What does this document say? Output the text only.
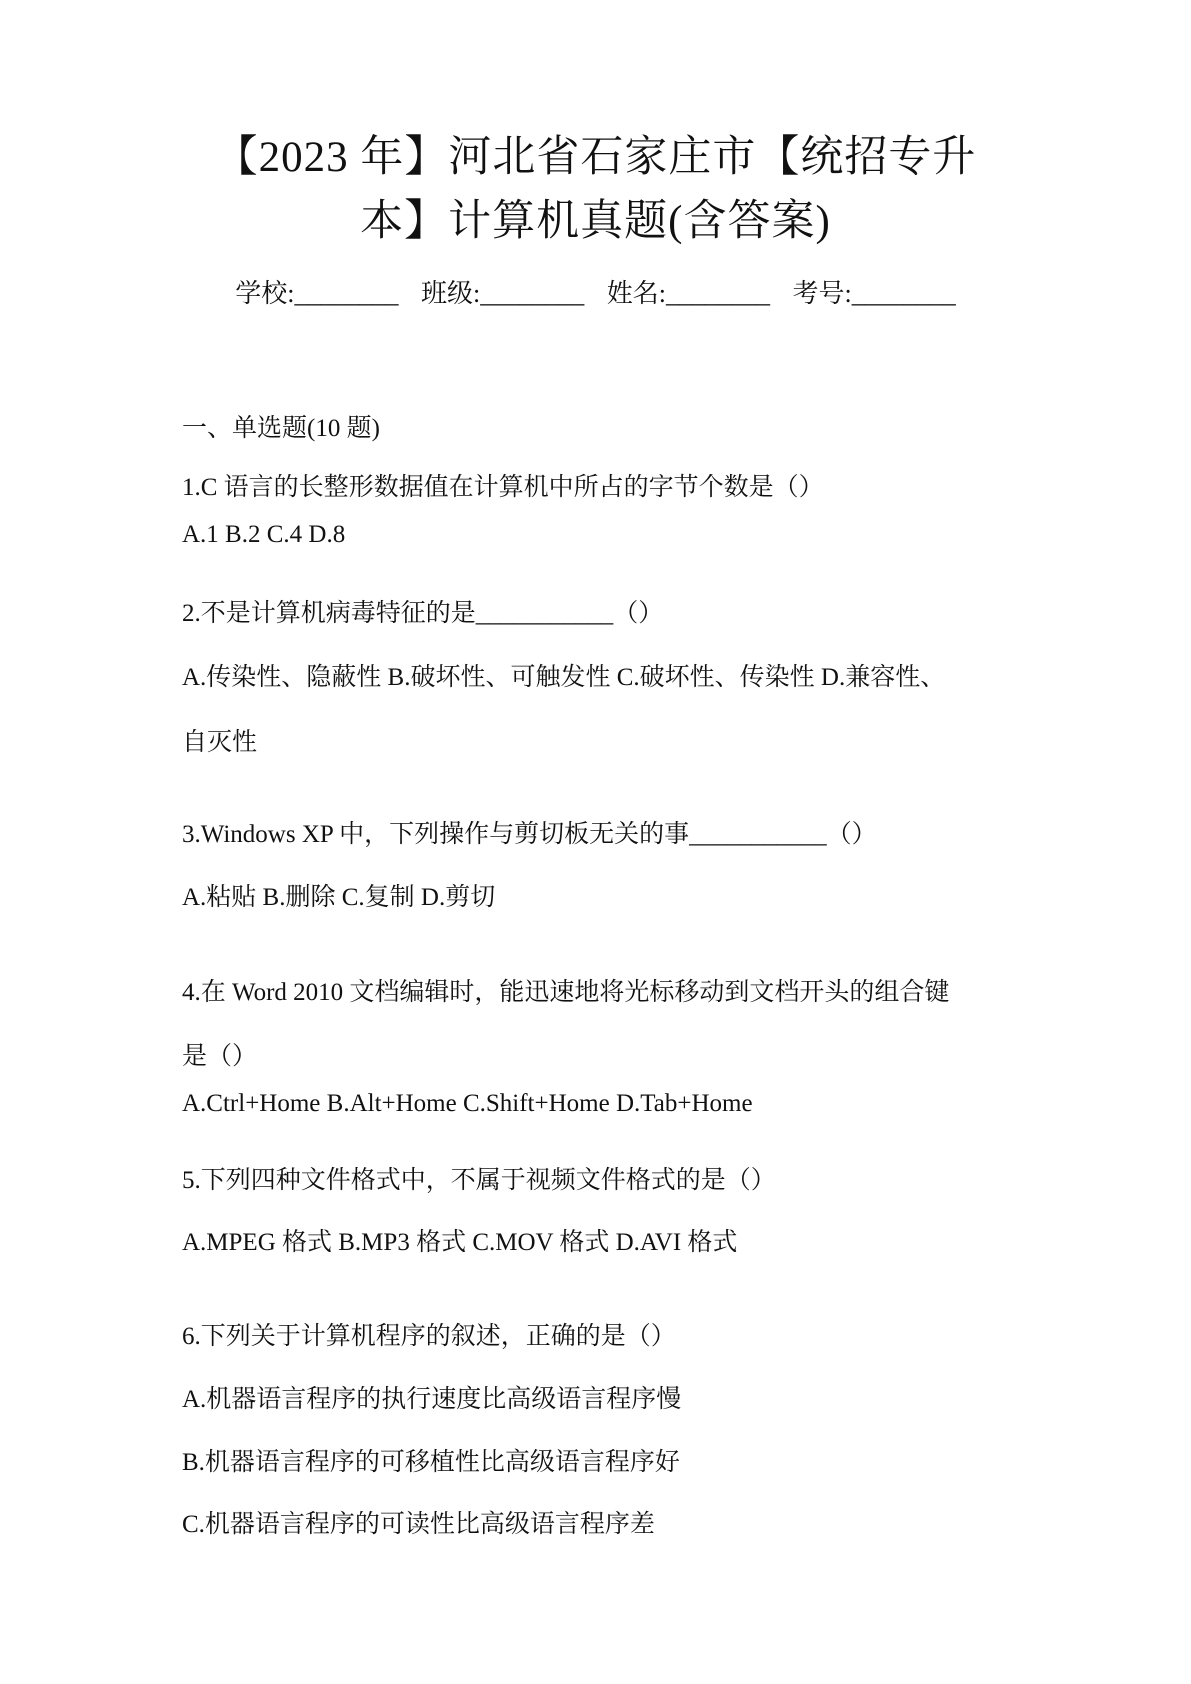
【2023 年】河北省石家庄市【统招专升
本】计算机真题(含答案)
学校:________ 班级:________ 姓名:________ 考号:________
一、单选题(10 题)
1.C 语言的长整形数据值在计算机中所占的字节个数是（）
A.1 B.2 C.4 D.8
2.不是计算机病毒特征的是___________（）
A.传染性、隐蔽性 B.破坏性、可触发性 C.破坏性、传染性 D.兼容性、
自灭性
3.Windows XP 中，下列操作与剪切板无关的事___________（）
A.粘贴 B.删除 C.复制 D.剪切
4.在 Word 2010 文档编辑时，能迅速地将光标移动到文档开头的组合键
是（）
A.Ctrl+Home B.Alt+Home C.Shift+Home D.Tab+Home
5.下列四种文件格式中，不属于视频文件格式的是（）
A.MPEG 格式 B.MP3 格式 C.MOV 格式 D.AVI 格式
6.下列关于计算机程序的叙述，正确的是（）
A.机器语言程序的执行速度比高级语言程序慢
B.机器语言程序的可移植性比高级语言程序好
C.机器语言程序的可读性比高级语言程序差
